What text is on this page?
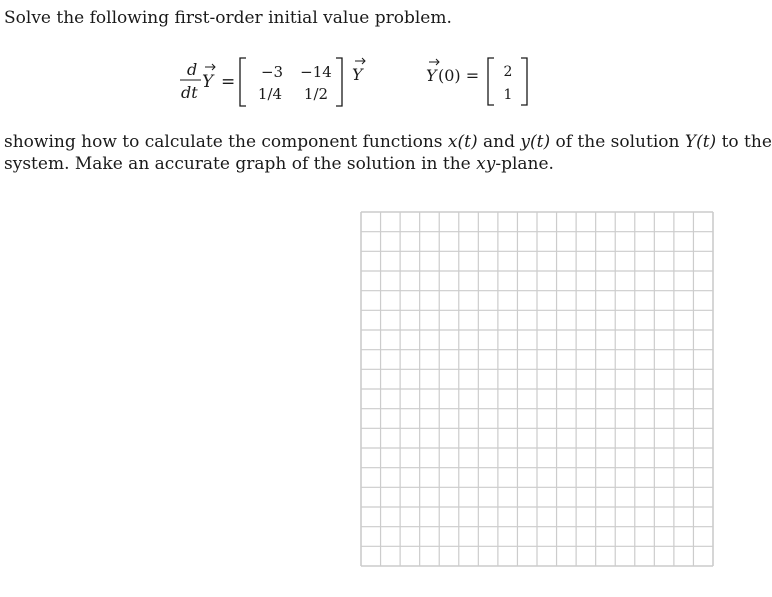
Solve the following first-order initial value problem.
d
dt
Y = −3 −14
1/4 1/2
Y	Y (0) = 2
1
showing how to calculate the component functions x(t) and y(t) of the solution Y(t) to the
system. Make an accurate graph of the solution in the xy-plane.
